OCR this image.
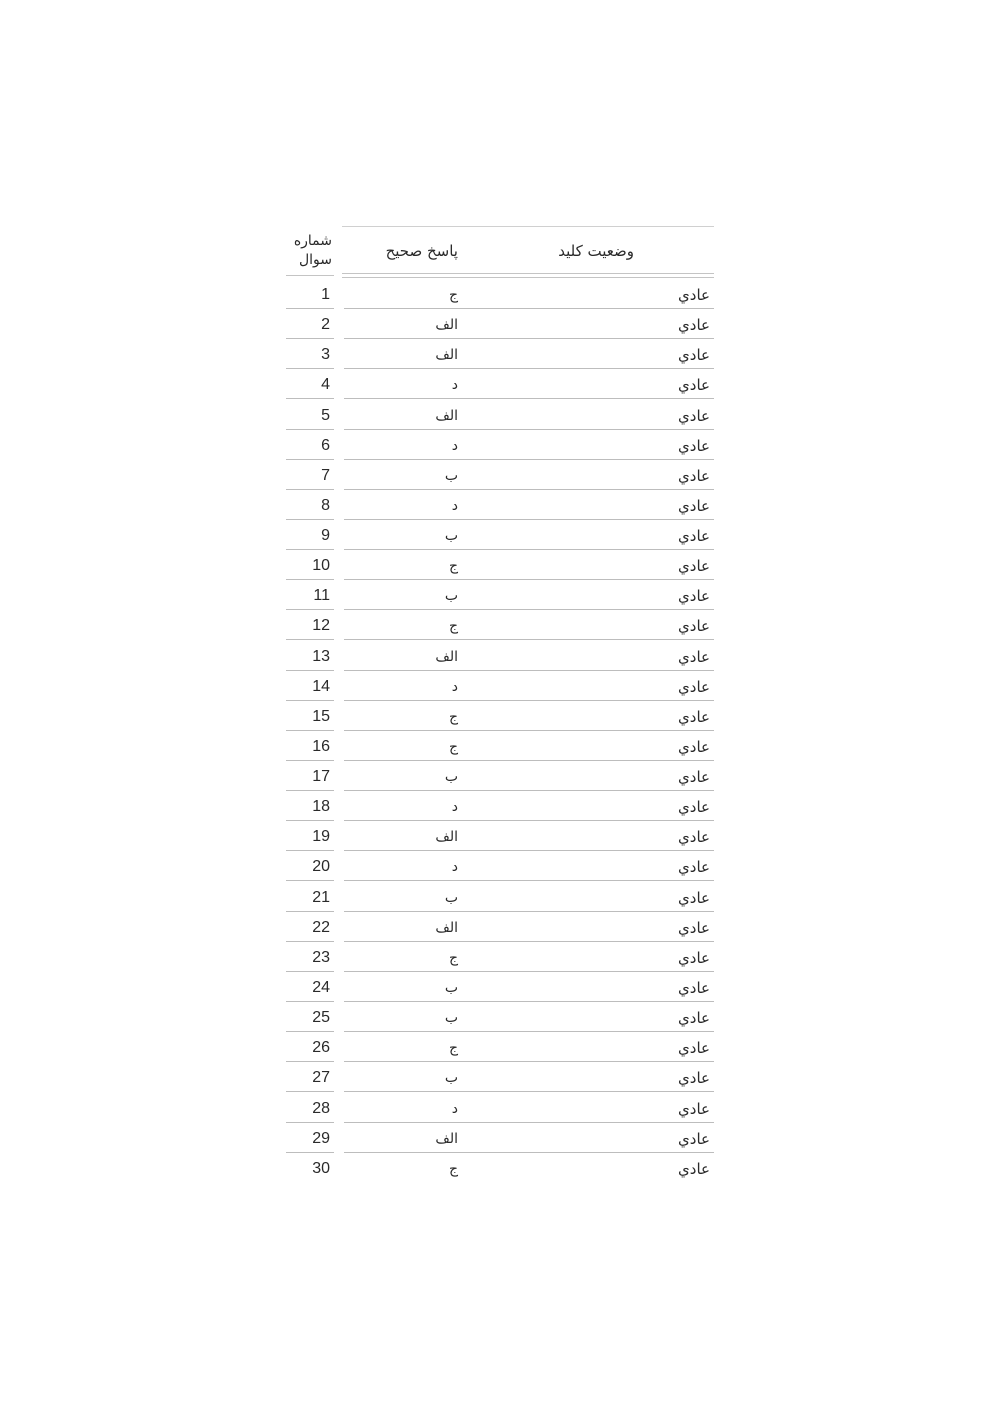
شماره سوال	پاسخ صحيح	وضعيت كليد
1	ج	عادي
2	الف	عادي
3	الف	عادي
4	د	عادي
5	الف	عادي
6	د	عادي
7	ب	عادي
8	د	عادي
9	ب	عادي
10	ج	عادي
11	ب	عادي
12	ج	عادي
13	الف	عادي
14	د	عادي
15	ج	عادي
16	ج	عادي
17	ب	عادي
18	د	عادي
19	الف	عادي
20	د	عادي
21	ب	عادي
22	الف	عادي
23	ج	عادي
24	ب	عادي
25	ب	عادي
26	ج	عادي
27	ب	عادي
28	د	عادي
29	الف	عادي
30	ج	عادي
